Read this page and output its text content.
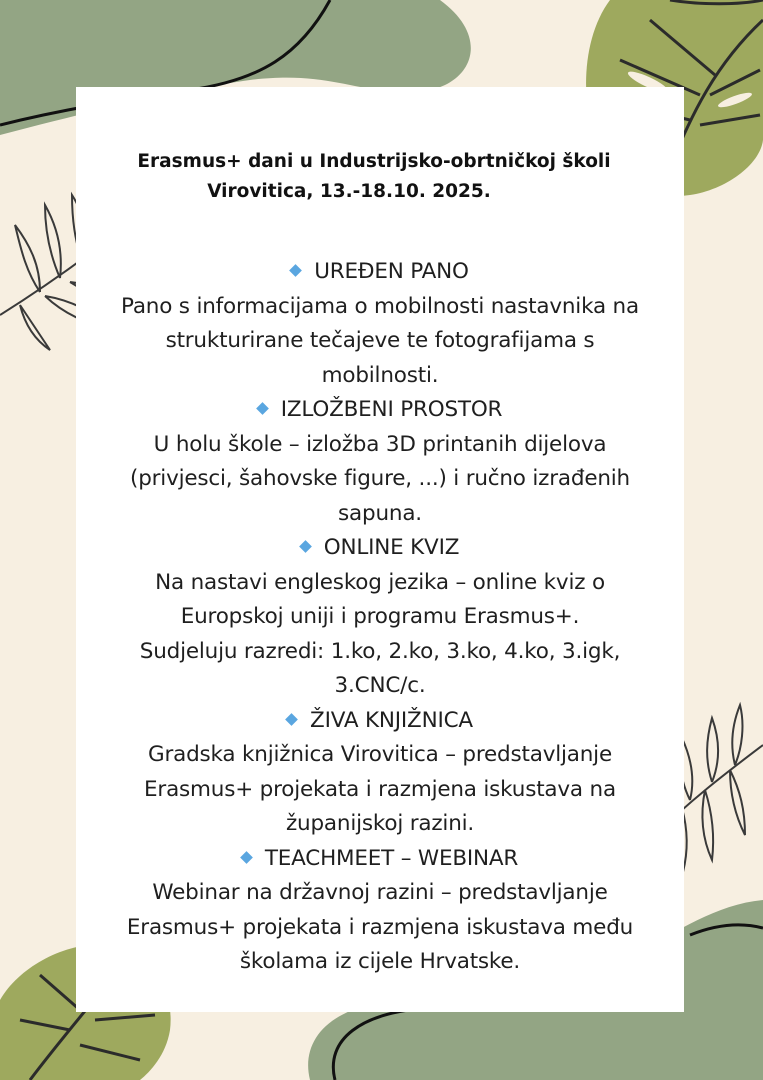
Erasmus+ dani u Industrijsko-obrtničkoj školi
Virovitica, 13.-18.10. 2025.
UREĐEN PANO
Pano s informacijama o mobilnosti nastavnika na
strukturirane tečajeve te fotografijama s
mobilnosti.
IZLOŽBENI PROSTOR
U holu škole – izložba 3D printanih dijelova
(privjesci, šahovske figure, ...) i ručno izrađenih
sapuna.
ONLINE KVIZ
Na nastavi engleskog jezika – online kviz o
Europskoj uniji i programu Erasmus+.
Sudjeluju razredi: 1.ko, 2.ko, 3.ko, 4.ko, 3.igk,
3.CNC/c.
ŽIVA KNJIŽNICA
Gradska knjižnica Virovitica – predstavljanje
Erasmus+ projekata i razmjena iskustava na
županijskoj razini.
TEACHMEET – WEBINAR
Webinar na državnoj razini – predstavljanje
Erasmus+ projekata i razmjena iskustava među
školama iz cijele Hrvatske.
